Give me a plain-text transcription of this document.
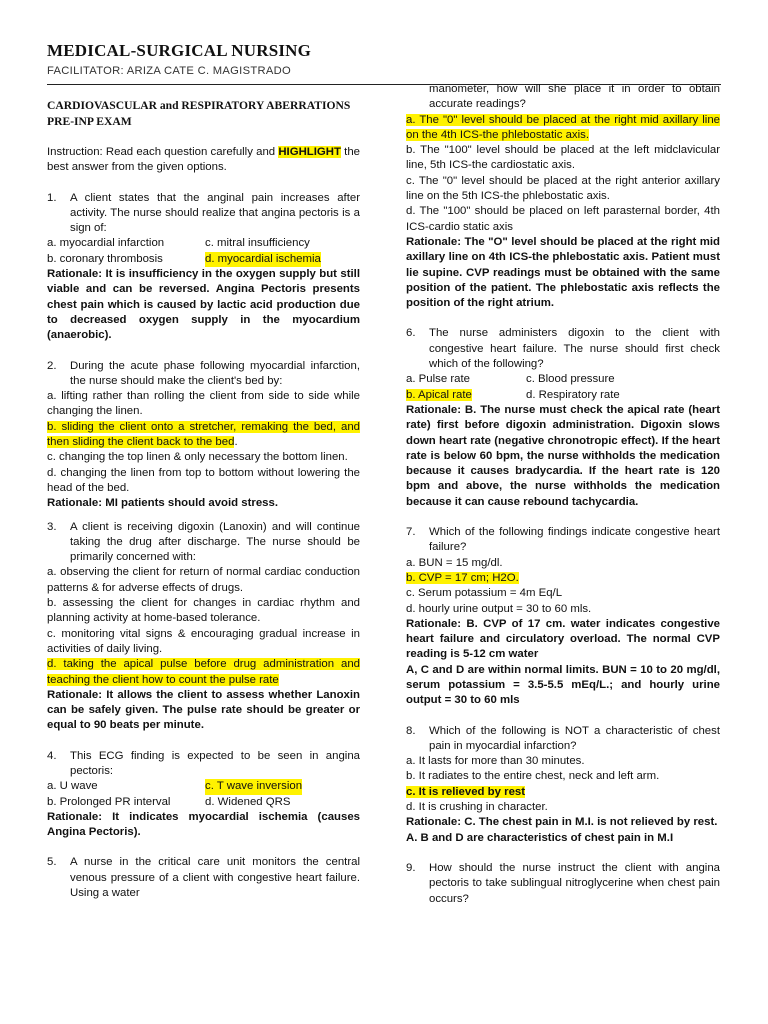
MEDICAL-SURGICAL NURSING
FACILITATOR: ARIZA CATE C. MAGISTRADO
CARDIOVASCULAR and RESPIRATORY ABERRATIONS
PRE-INP EXAM
Instruction: Read each question carefully and HIGHLIGHT the best answer from the given options.
1.	A client states that the anginal pain increases after activity. The nurse should realize that angina pectoris is a sign of:
a. myocardial infarction	c. mitral insufficiency
b. coronary thrombosis	d. myocardial ischemia
Rationale: It is insufficiency in the oxygen supply but still viable and can be reversed. Angina Pectoris presents chest pain which is caused by lactic acid production due to decreased oxygen supply in the myocardium (anaerobic).
2.	During the acute phase following myocardial infarction, the nurse should make the client's bed by:
a. lifting rather than rolling the client from side to side while changing the linen.
b. sliding the client onto a stretcher, remaking the bed, and then sliding the client back to the bed.
c. changing the top linen & only necessary the bottom linen.
d. changing the linen from top to bottom without lowering the head of the bed.
Rationale: MI patients should avoid stress.
3.	A client is receiving digoxin (Lanoxin) and will continue taking the drug after discharge. The nurse should be primarily concerned with:
a. observing the client for return of normal cardiac conduction patterns & for adverse effects of drugs.
b. assessing the client for changes in cardiac rhythm and planning activity at home-based tolerance.
c. monitoring vital signs & encouraging gradual increase in activities of daily living.
d. taking the apical pulse before drug administration and teaching the client how to count the pulse rate
Rationale: It allows the client to assess whether Lanoxin can be safely given. The pulse rate should be greater or equal to 90 beats per minute.
4.	This ECG finding is expected to be seen in angina pectoris:
a. U wave	c. T wave inversion
b. Prolonged PR interval	d. Widened QRS
Rationale: It indicates myocardial ischemia (causes Angina Pectoris).
5.	A nurse in the critical care unit monitors the central venous pressure of a client with congestive heart failure. Using a water
manometer, how will she place it in order to obtain accurate readings?
a. The "0" level should be placed at the right mid axillary line on the 4th ICS-the phlebostatic axis.
b. The "100" level should be placed at the left midclavicular line, 5th ICS-the cardiostatic axis.
c. The "0" level should be placed at the right anterior axillary line on the 5th ICS-the phlebostatic axis.
d. The "100" should be placed on left parasternal border, 4th ICS-cardio static axis
Rationale: The "O" level should be placed at the right mid axillary line on 4th ICS-the phlebostatic axis. Patient must lie supine. CVP readings must be obtained with the same position of the patient. The phlebostatic axis reflects the position of the right atrium.
6.	The nurse administers digoxin to the client with congestive heart failure. The nurse should first check which of the following?
a. Pulse rate	c. Blood pressure
b. Apical rate	d. Respiratory rate
Rationale: B. The nurse must check the apical rate (heart rate) first before digoxin administration. Digoxin slows down heart rate (negative chronotropic effect). If the heart rate is below 60 bpm, the nurse withholds the medication because it causes bradycardia. If the heart rate is 120 bpm and above, the nurse withholds the medication because it can cause rebound tachycardia.
7.	Which of the following findings indicate congestive heart failure?
a. BUN = 15 mg/dl.
b. CVP = 17 cm; H2O.
c. Serum potassium = 4m Eq/L
d. hourly urine output = 30 to 60 mls.
Rationale: B. CVP of 17 cm. water indicates congestive heart failure and circulatory overload. The normal CVP reading is 5-12 cm water
A, C and D are within normal limits. BUN = 10 to 20 mg/dl, serum potassium = 3.5-5.5 mEq/L.; and hourly urine output = 30 to 60 mls
8.	Which of the following is NOT a characteristic of chest pain in myocardial infarction?
a. It lasts for more than 30 minutes.
b. It radiates to the entire chest, neck and left arm.
c. It is relieved by rest
d. It is crushing in character.
Rationale: C. The chest pain in M.I. is not relieved by rest.
A. B and D are characteristics of chest pain in M.I
9.	How should the nurse instruct the client with angina pectoris to take sublingual nitroglycerine when chest pain occurs?
